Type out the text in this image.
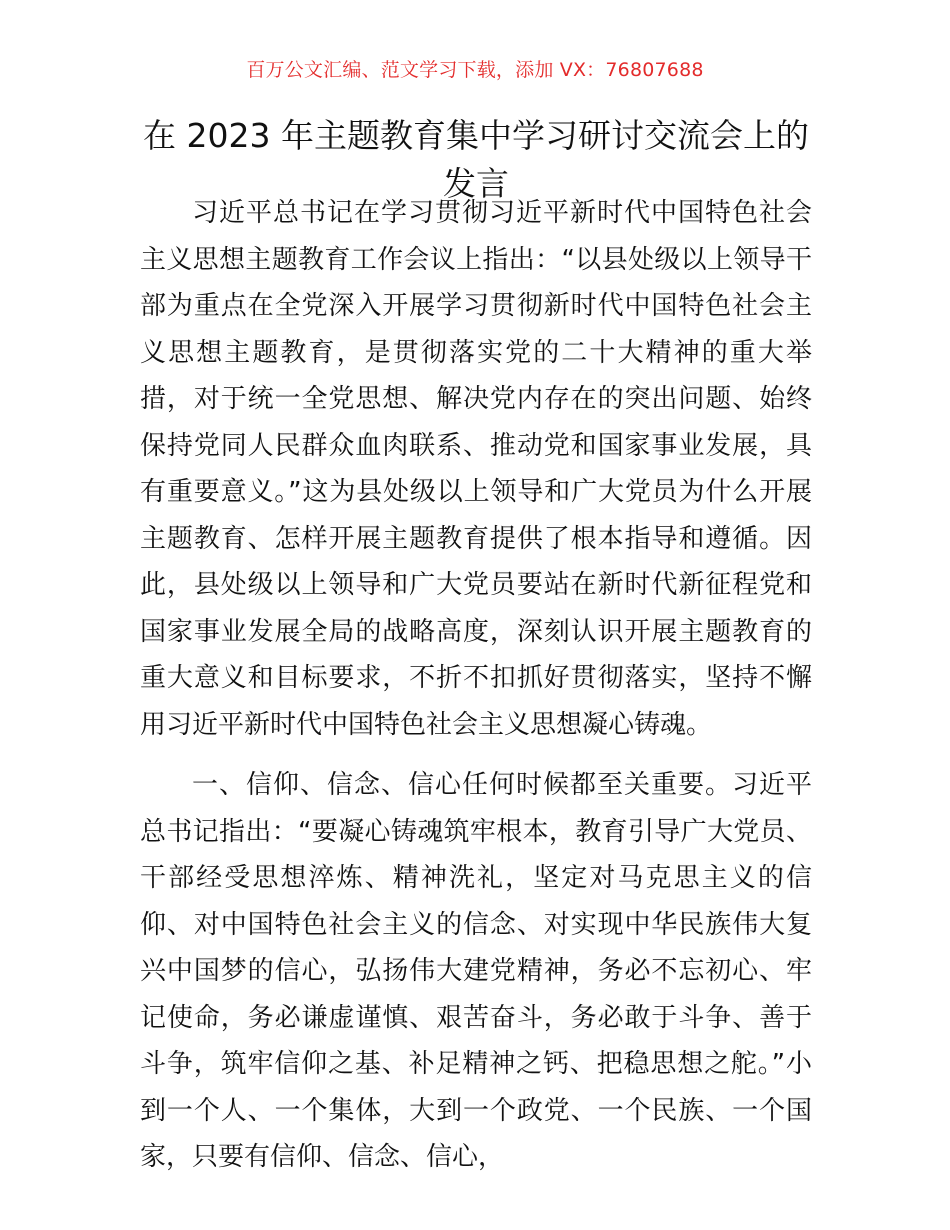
百万公文汇编、范文学习下载，添加 VX：76807688
在 2023 年主题教育集中学习研讨交流会上的发言

习近平总书记在学习贯彻习近平新时代中国特色社会主义思想主题教育工作会议上指出：“以县处级以上领导干部为重点在全党深入开展学习贯彻新时代中国特色社会主义思想主题教育，是贯彻落实党的二十大精神的重大举措，对于统一全党思想、解决党内存在的突出问题、始终保持党同人民群众血肉联系、推动党和国家事业发展，具有重要意义。”这为县处级以上领导和广大党员为什么开展主题教育、怎样开展主题教育提供了根本指导和遵循。因此，县处级以上领导和广大党员要站在新时代新征程党和国家事业发展全局的战略高度，深刻认识开展主题教育的重大意义和目标要求，不折不扣抓好贯彻落实，坚持不懈用习近平新时代中国特色社会主义思想凝心铸魂。

一、信仰、信念、信心任何时候都至关重要。习近平总书记指出：“要凝心铸魂筑牢根本，教育引导广大党员、干部经受思想淬炼、精神洗礼，坚定对马克思主义的信仰、对中国特色社会主义的信念、对实现中华民族伟大复兴中国梦的信心，弘扬伟大建党精神，务必不忘初心、牢记使命，务必谦虚谨慎、艰苦奋斗，务必敢于斗争、善于斗争，筑牢信仰之基、补足精神之钙、把稳思想之舵。”小到一个人、一个集体，大到一个政党、一个民族、一个国家，只要有信仰、信念、信心，
